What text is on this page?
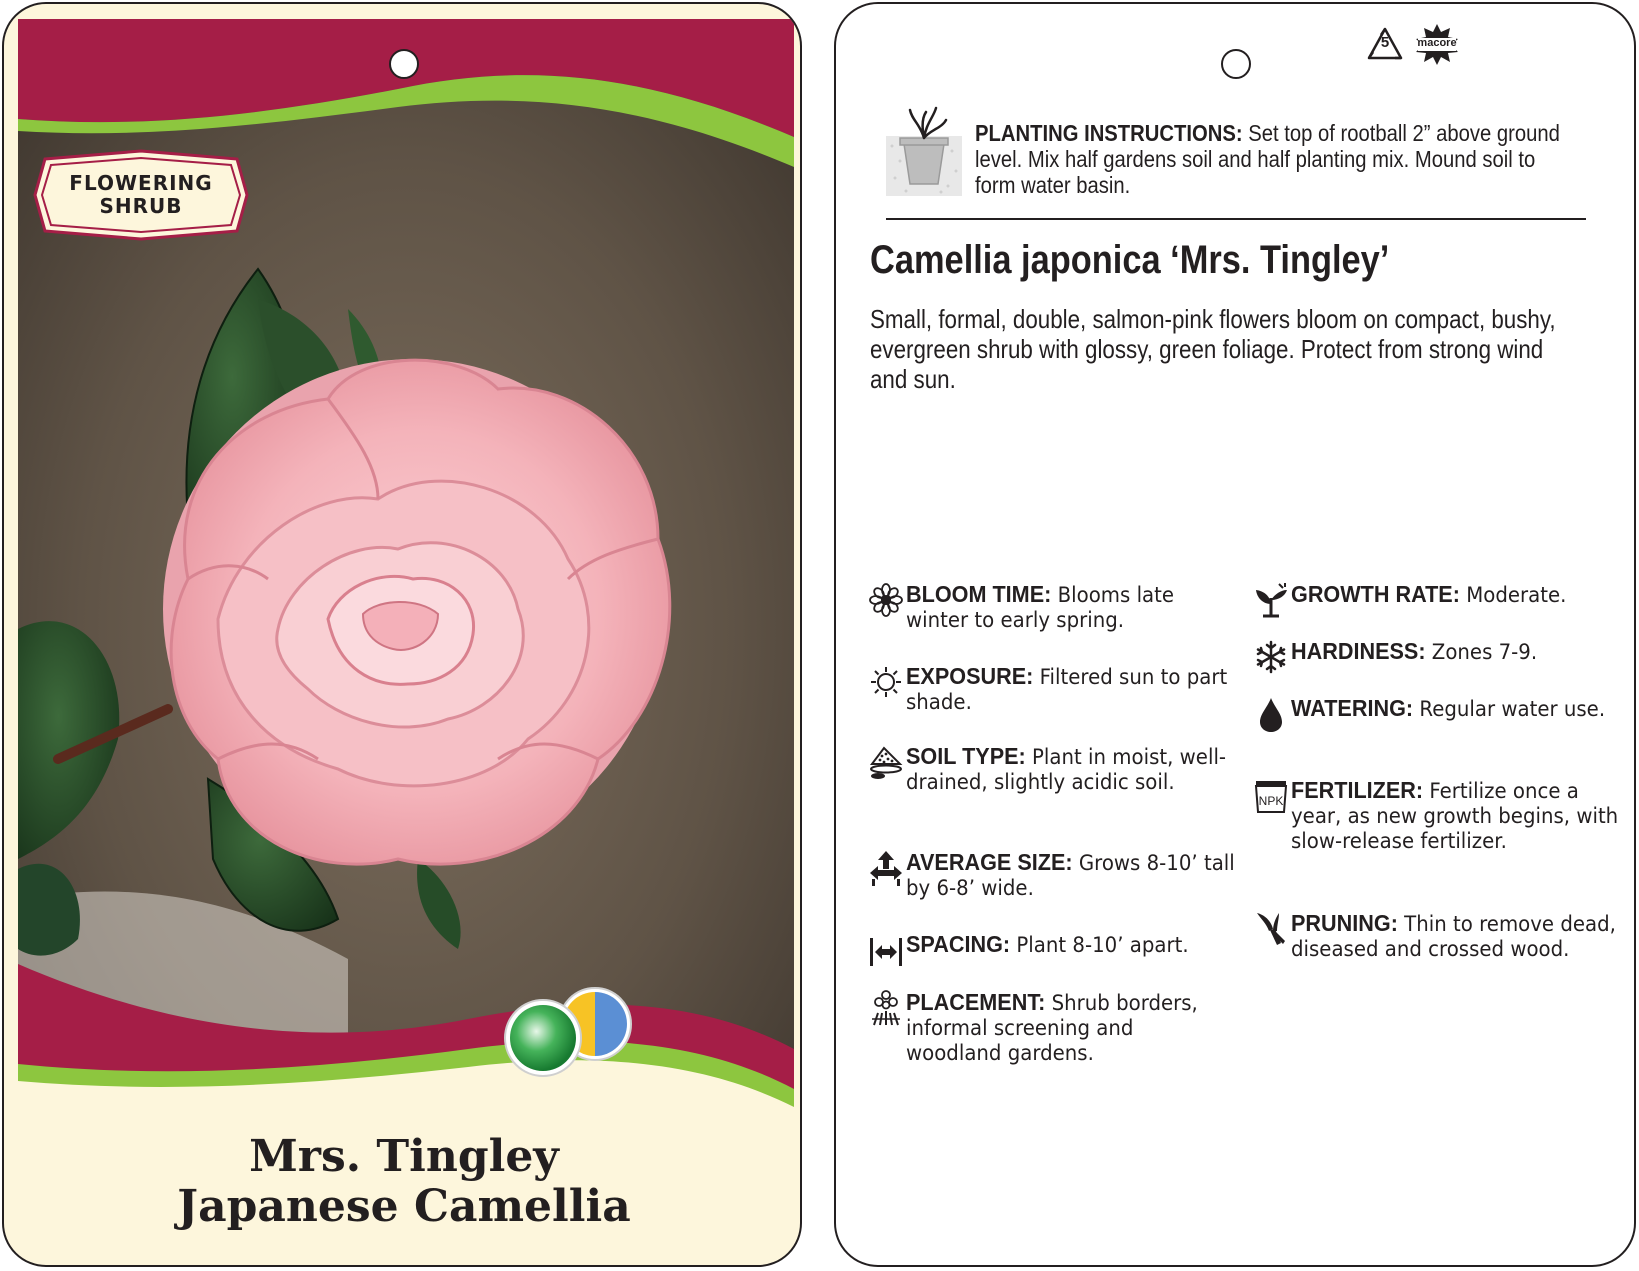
FLOWERING
SHRUB
Mrs. Tingley
Japanese Camellia
5	macore
PLANTING INSTRUCTIONS: Set top of rootball 2” above ground level. Mix half gardens soil and half planting mix. Mound soil to form water basin.
Camellia japonica ‘Mrs. Tingley’
Small, formal, double, salmon-pink flowers bloom on compact, bushy, evergreen shrub with glossy, green foliage. Protect from strong wind and sun.
BLOOM TIME: Blooms late winter to early spring.
EXPOSURE: Filtered sun to part shade.
SOIL TYPE: Plant in moist, well-drained, slightly acidic soil.
AVERAGE SIZE: Grows 8-10’ tall by 6-8’ wide.
SPACING: Plant 8-10’ apart.
PLACEMENT: Shrub borders, informal screening and woodland gardens.
GROWTH RATE: Moderate.
HARDINESS: Zones 7-9.
WATERING: Regular water use.
NPK FERTILIZER: Fertilize once a year, as new growth begins, with slow-release fertilizer.
PRUNING: Thin to remove dead, diseased and crossed wood.
